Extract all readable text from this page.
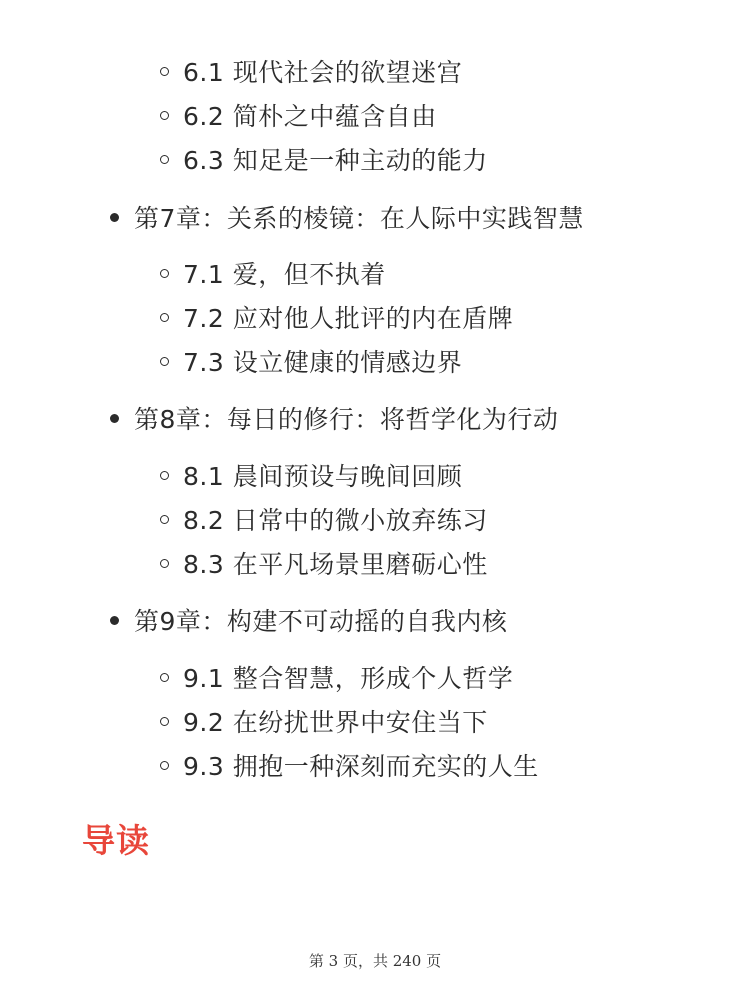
6.1 现代社会的欲望迷宫
6.2 简朴之中蕴含自由
6.3 知足是一种主动的能力
第7章：关系的棱镜：在人际中实践智慧
7.1 爱，但不执着
7.2 应对他人批评的内在盾牌
7.3 设立健康的情感边界
第8章：每日的修行：将哲学化为行动
8.1 晨间预设与晚间回顾
8.2 日常中的微小放弃练习
8.3 在平凡场景里磨砺心性
第9章：构建不可动摇的自我内核
9.1 整合智慧，形成个人哲学
9.2 在纷扰世界中安住当下
9.3 拥抱一种深刻而充实的人生
导读
第 3 页，共 240 页
